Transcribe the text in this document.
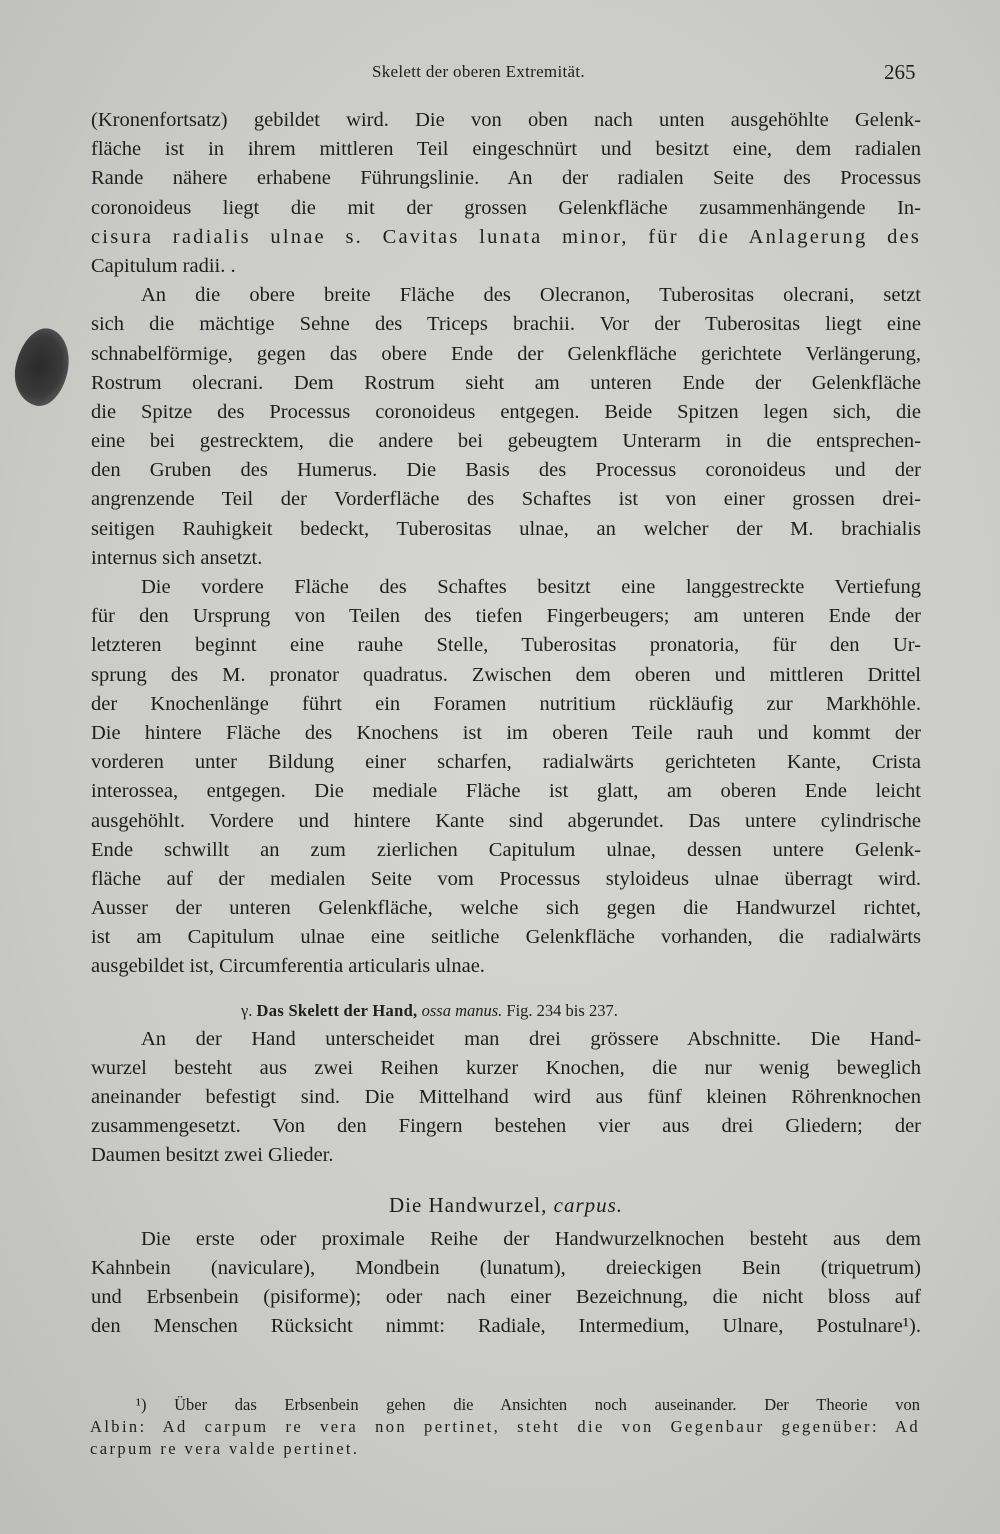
Skelett der oberen Extremität.	265
(Kronenfortsatz) gebildet wird. Die von oben nach unten ausgehöhlte Gelenk-
fläche ist in ihrem mittleren Teil eingeschnürt und besitzt eine, dem radialen
Rande nähere erhabene Führungslinie. An der radialen Seite des Processus
coronoideus liegt die mit der grossen Gelenkfläche zusammenhängende In-
cisura radialis ulnae s. Cavitas lunata minor, für die Anlagerung des
Capitulum radii. .
An die obere breite Fläche des Olecranon, Tuberositas olecrani, setzt
sich die mächtige Sehne des Triceps brachii. Vor der Tuberositas liegt eine
schnabelförmige, gegen das obere Ende der Gelenkfläche gerichtete Verlängerung,
Rostrum olecrani. Dem Rostrum sieht am unteren Ende der Gelenkfläche
die Spitze des Processus coronoideus entgegen. Beide Spitzen legen sich, die
eine bei gestrecktem, die andere bei gebeugtem Unterarm in die entsprechen-
den Gruben des Humerus. Die Basis des Processus coronoideus und der
angrenzende Teil der Vorderfläche des Schaftes ist von einer grossen drei-
seitigen Rauhigkeit bedeckt, Tuberositas ulnae, an welcher der M. brachialis
internus sich ansetzt.
Die vordere Fläche des Schaftes besitzt eine langgestreckte Vertiefung
für den Ursprung von Teilen des tiefen Fingerbeugers; am unteren Ende der
letzteren beginnt eine rauhe Stelle, Tuberositas pronatoria, für den Ur-
sprung des M. pronator quadratus. Zwischen dem oberen und mittleren Drittel
der Knochenlänge führt ein Foramen nutritium rückläufig zur Markhöhle.
Die hintere Fläche des Knochens ist im oberen Teile rauh und kommt der
vorderen unter Bildung einer scharfen, radialwärts gerichteten Kante, Crista
interossea, entgegen. Die mediale Fläche ist glatt, am oberen Ende leicht
ausgehöhlt. Vordere und hintere Kante sind abgerundet. Das untere cylindrische
Ende schwillt an zum zierlichen Capitulum ulnae, dessen untere Gelenk-
fläche auf der medialen Seite vom Processus styloideus ulnae überragt wird.
Ausser der unteren Gelenkfläche, welche sich gegen die Handwurzel richtet,
ist am Capitulum ulnae eine seitliche Gelenkfläche vorhanden, die radialwärts
ausgebildet ist, Circumferentia articularis ulnae.
γ. Das Skelett der Hand, ossa manus. Fig. 234 bis 237.
An der Hand unterscheidet man drei grössere Abschnitte. Die Hand-
wurzel besteht aus zwei Reihen kurzer Knochen, die nur wenig beweglich
aneinander befestigt sind. Die Mittelhand wird aus fünf kleinen Röhrenknochen
zusammengesetzt. Von den Fingern bestehen vier aus drei Gliedern; der
Daumen besitzt zwei Glieder.
Die Handwurzel, carpus.
Die erste oder proximale Reihe der Handwurzelknochen besteht aus dem
Kahnbein (naviculare), Mondbein (lunatum), dreieckigen Bein (triquetrum)
und Erbsenbein (pisiforme); oder nach einer Bezeichnung, die nicht bloss auf
den Menschen Rücksicht nimmt: Radiale, Intermedium, Ulnare, Postulnare¹).
¹) Über das Erbsenbein gehen die Ansichten noch auseinander. Der Theorie von
Albin: Ad carpum re vera non pertinet, steht die von Gegenbaur gegenüber: Ad
carpum re vera valde pertinet.
